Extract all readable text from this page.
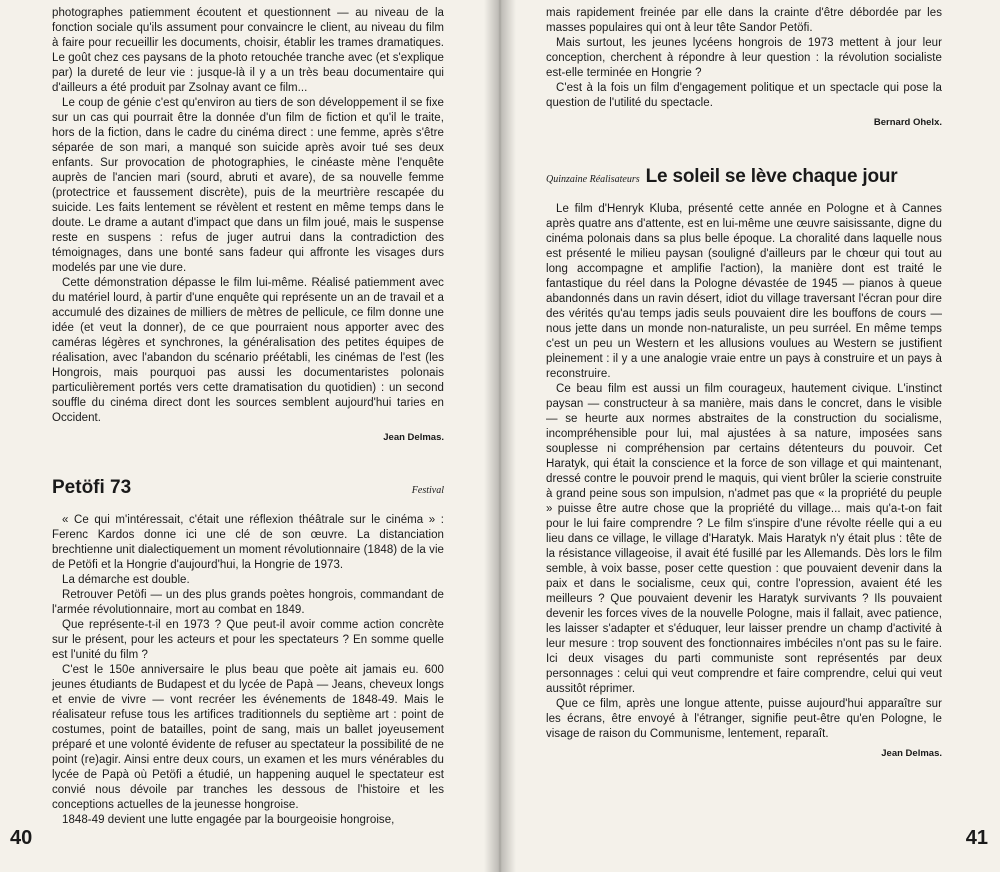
photographes patiemment écoutent et questionnent — au niveau de la fonction sociale qu'ils assument pour convaincre le client, au niveau du film à faire pour recueillir les documents, choisir, établir les trames dramatiques. Le goût chez ces paysans de la photo retouchée tranche avec (et s'explique par) la dureté de leur vie : jusque-là il y a un très beau documentaire qui d'ailleurs a été produit par Zsolnay avant ce film...

Le coup de génie c'est qu'environ au tiers de son développement il se fixe sur un cas qui pourrait être la donnée d'un film de fiction et qu'il le traite, hors de la fiction, dans le cadre du cinéma direct : une femme, après s'être séparée de son mari, a manqué son suicide après avoir tué ses deux enfants. Sur provocation de photographies, le cinéaste mène l'enquête auprès de l'ancien mari (sourd, abruti et avare), de sa nouvelle femme (protectrice et faussement discrète), puis de la meurtrière rescapée du suicide. Les faits lentement se révèlent et restent en même temps dans le doute. Le drame a autant d'impact que dans un film joué, mais le suspense reste en suspens : refus de juger autrui dans la contradiction des témoignages, dans une bonté sans fadeur qui affronte les visages durs modelés par une vie dure.

Cette démonstration dépasse le film lui-même. Réalisé patiemment avec du matériel lourd, à partir d'une enquête qui représente un an de travail et a accumulé des dizaines de milliers de mètres de pellicule, ce film donne une idée (et veut la donner), de ce que pourraient nous apporter avec des caméras légères et synchrones, la généralisation des petites équipes de réalisation, avec l'abandon du scénario préétabli, les cinémas de l'est (les Hongrois, mais pourquoi pas aussi les documentaristes polonais particulièrement portés vers cette dramatisation du quotidien) : un second souffle du cinéma direct dont les sources semblent aujourd'hui taries en Occident.

Jean Delmas.
Petöfi 73	Festival

« Ce qui m'intéressait, c'était une réflexion théâtrale sur le cinéma » : Ferenc Kardos donne ici une clé de son œuvre. La distanciation brechtienne unit dialectiquement un moment révolutionnaire (1848) de la vie de Petöfi et la Hongrie d'aujourd'hui, la Hongrie de 1973.

La démarche est double.

Retrouver Petöfi — un des plus grands poètes hongrois, commandant de l'armée révolutionnaire, mort au combat en 1849.

Que représente-t-il en 1973 ? Que peut-il avoir comme action concrète sur le présent, pour les acteurs et pour les spectateurs ? En somme quelle est l'unité du film ?

C'est le 150e anniversaire le plus beau que poète ait jamais eu. 600 jeunes étudiants de Budapest et du lycée de Papà — Jeans, cheveux longs et envie de vivre — vont recréer les événements de 1848-49. Mais le réalisateur refuse tous les artifices traditionnels du septième art : point de costumes, point de batailles, point de sang, mais un ballet joyeusement préparé et une volonté évidente de refuser au spectateur la possibilité de ne point (re)agir. Ainsi entre deux cours, un examen et les murs vénérables du lycée de Papà où Petöfi a étudié, un happening auquel le spectateur est convié nous dévoile par tranches les dessous de l'histoire et les conceptions actuelles de la jeunesse hongroise.

1848-49 devient une lutte engagée par la bourgeoisie hongroise,

mais rapidement freinée par elle dans la crainte d'être débordée par les masses populaires qui ont à leur tête Sandor Petöfi.

Mais surtout, les jeunes lycéens hongrois de 1973 mettent à jour leur conception, cherchent à répondre à leur question : la révolution socialiste est-elle terminée en Hongrie ?

C'est à la fois un film d'engagement politique et un spectacle qui pose la question de l'utilité du spectacle.

Bernard Ohelx.
Quinzaine Réalisateurs Le soleil se lève chaque jour

Le film d'Henryk Kluba, présenté cette année en Pologne et à Cannes après quatre ans d'attente, est en lui-même une œuvre saisissante, digne du cinéma polonais dans sa plus belle époque. La choralité dans laquelle nous est présenté le milieu paysan (souligné d'ailleurs par le chœur qui tout au long accompagne et amplifie l'action), la manière dont est traité le fantastique du réel dans la Pologne dévastée de 1945 — pianos à queue abandonnés dans un ravin désert, idiot du village traversant l'écran pour dire des vérités qu'au temps jadis seuls pouvaient dire les bouffons de cours — nous jette dans un monde non-naturaliste, un peu surréel. En même temps c'est un peu un Western et les allusions voulues au Western se justifient pleinement : il y a une analogie vraie entre un pays à construire et un pays à reconstruire.

Ce beau film est aussi un film courageux, hautement civique. L'instinct paysan — constructeur à sa manière, mais dans le concret, dans le visible — se heurte aux normes abstraites de la construction du socialisme, incompréhensible pour lui, mal ajustées à sa nature, imposées sans souplesse ni compréhension par certains détenteurs du pouvoir. Cet Haratyk, qui était la conscience et la force de son village et qui maintenant, dressé contre le pouvoir prend le maquis, qui vient brûler la scierie construite à grand peine sous son impulsion, n'admet pas que « la propriété du peuple » puisse être autre chose que la propriété du village... mais qu'a-t-on fait pour le lui faire comprendre ? Le film s'inspire d'une révolte réelle qui a eu lieu dans ce village, le village d'Haratyk. Mais Haratyk n'y était plus : tête de la résistance villageoise, il avait été fusillé par les Allemands. Dès lors le film semble, à voix basse, poser cette question : que pouvaient devenir dans la paix et dans le socialisme, ceux qui, contre l'opression, avaient été les meilleurs ? Que pouvaient devenir les Haratyk survivants ? Ils pouvaient devenir les forces vives de la nouvelle Pologne, mais il fallait, avec patience, les laisser s'adapter et s'éduquer, leur laisser prendre un champ d'activité à leur mesure : trop souvent des fonctionnaires imbéciles n'ont pas su le faire. Ici deux visages du parti communiste sont représentés par deux personnages : celui qui veut comprendre et faire comprendre, celui qui veut aussitôt réprimer.

Que ce film, après une longue attente, puisse aujourd'hui apparaître sur les écrans, être envoyé à l'étranger, signifie peut-être qu'en Pologne, le visage de raison du Communisme, lentement, reparaît.

Jean Delmas.
40	41
